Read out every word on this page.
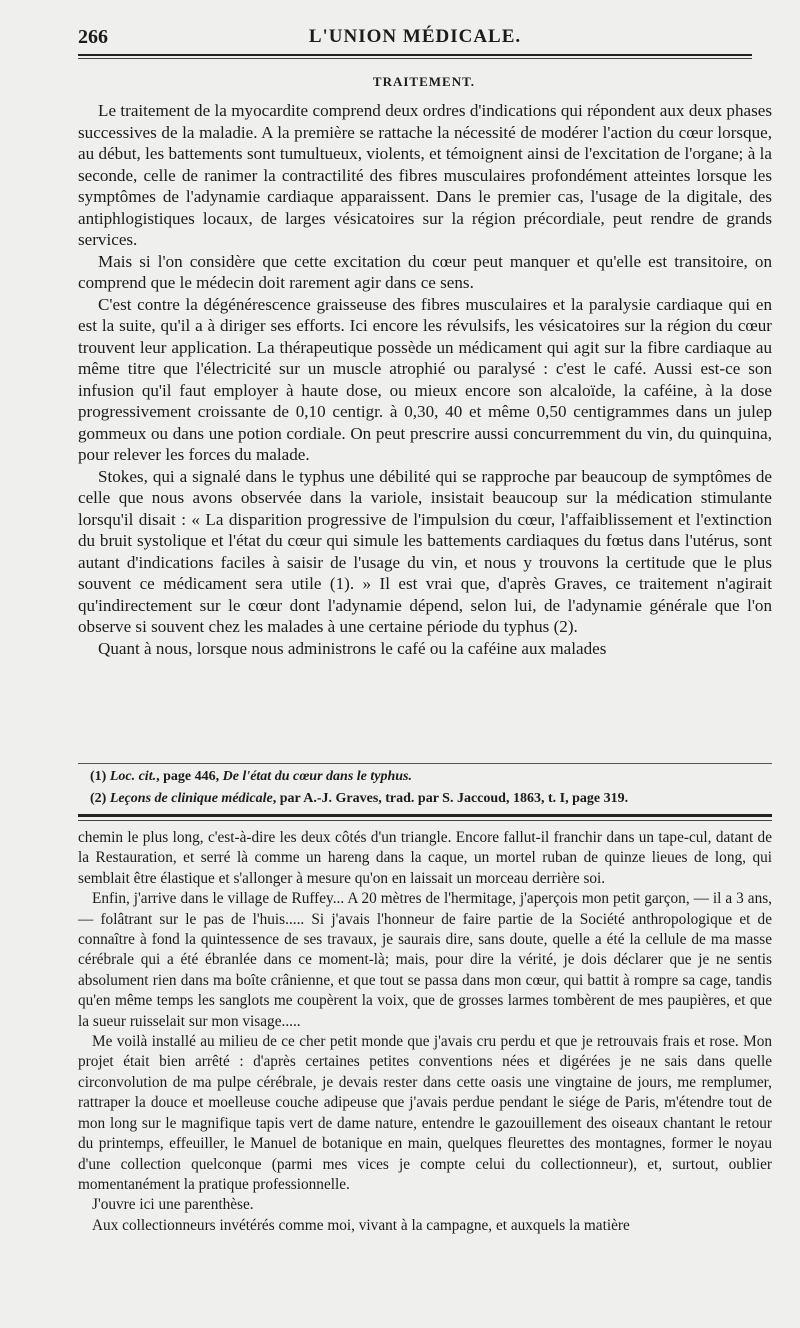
266	L'UNION MÉDICALE.
TRAITEMENT.

Le traitement de la myocardite comprend deux ordres d'indications qui répondent aux deux phases successives de la maladie. A la première se rattache la nécessité de modérer l'action du cœur lorsque, au début, les battements sont tumultueux, violents, et témoignent ainsi de l'excitation de l'organe; à la seconde, celle de ranimer la contractilité des fibres musculaires profondément atteintes lorsque les symptômes de l'adynamie cardiaque apparaissent. Dans le premier cas, l'usage de la digitale, des antiphlogistiques locaux, de larges vésicatoires sur la région précordiale, peut rendre de grands services.

Mais si l'on considère que cette excitation du cœur peut manquer et qu'elle est transitoire, on comprend que le médecin doit rarement agir dans ce sens.

C'est contre la dégénérescence graisseuse des fibres musculaires et la paralysie cardiaque qui en est la suite, qu'il a à diriger ses efforts. Ici encore les révulsifs, les vésicatoires sur la région du cœur trouvent leur application. La thérapeutique possède un médicament qui agit sur la fibre cardiaque au même titre que l'électricité sur un muscle atrophié ou paralysé : c'est le café. Aussi est-ce son infusion qu'il faut employer à haute dose, ou mieux encore son alcaloïde, la caféine, à la dose progressivement croissante de 0,10 centigr. à 0,30, 40 et même 0,50 centigrammes dans un julep gommeux ou dans une potion cordiale. On peut prescrire aussi concurremment du vin, du quinquina, pour relever les forces du malade.

Stokes, qui a signalé dans le typhus une débilité qui se rapproche par beaucoup de symptômes de celle que nous avons observée dans la variole, insistait beaucoup sur la médication stimulante lorsqu'il disait : « La disparition progressive de l'impulsion du cœur, l'affaiblissement et l'extinction du bruit systolique et l'état du cœur qui simule les battements cardiaques du fœtus dans l'utérus, sont autant d'indications faciles à saisir de l'usage du vin, et nous y trouvons la certitude que le plus souvent ce médicament sera utile (1). » Il est vrai que, d'après Graves, ce traitement n'agirait qu'indirectement sur le cœur dont l'adynamie dépend, selon lui, de l'adynamie générale que l'on observe si souvent chez les malades à une certaine période du typhus (2).

Quant à nous, lorsque nous administrons le café ou la caféine aux malades

(1) Loc. cit., page 446, De l'état du cœur dans le typhus.

(2) Leçons de clinique médicale, par A.-J. Graves, trad. par S. Jaccoud, 1863, t. I, page 319.

chemin le plus long, c'est-à-dire les deux côtés d'un triangle. Encore fallut-il franchir dans un tape-cul, datant de la Restauration, et serré là comme un hareng dans la caque, un mortel ruban de quinze lieues de long, qui semblait être élastique et s'allonger à mesure qu'on en laissait un morceau derrière soi.

Enfin, j'arrive dans le village de Ruffey... A 20 mètres de l'hermitage, j'aperçois mon petit garçon, — il a 3 ans, — folâtrant sur le pas de l'huis..... Si j'avais l'honneur de faire partie de la Société anthropologique et de connaître à fond la quintessence de ses travaux, je saurais dire, sans doute, quelle a été la cellule de ma masse cérébrale qui a été ébranlée dans ce moment-là; mais, pour dire la vérité, je dois déclarer que je ne sentis absolument rien dans ma boîte crânienne, et que tout se passa dans mon cœur, qui battit à rompre sa cage, tandis qu'en même temps les sanglots me coupèrent la voix, que de grosses larmes tombèrent de mes paupières, et que la sueur ruisselait sur mon visage.....

Me voilà installé au milieu de ce cher petit monde que j'avais cru perdu et que je retrouvais frais et rose. Mon projet était bien arrêté : d'après certaines petites conventions nées et digérées je ne sais dans quelle circonvolution de ma pulpe cérébrale, je devais rester dans cette oasis une vingtaine de jours, me remplumer, rattraper la douce et moelleuse couche adipeuse que j'avais perdue pendant le siége de Paris, m'étendre tout de mon long sur le magnifique tapis vert de dame nature, entendre le gazouillement des oiseaux chantant le retour du printemps, effeuiller, le Manuel de botanique en main, quelques fleurettes des montagnes, former le noyau d'une collection quelconque (parmi mes vices je compte celui du collectionneur), et, surtout, oublier momentanément la pratique professionnelle.

J'ouvre ici une parenthèse.

Aux collectionneurs invétérés comme moi, vivant à la campagne, et auxquels la matière
